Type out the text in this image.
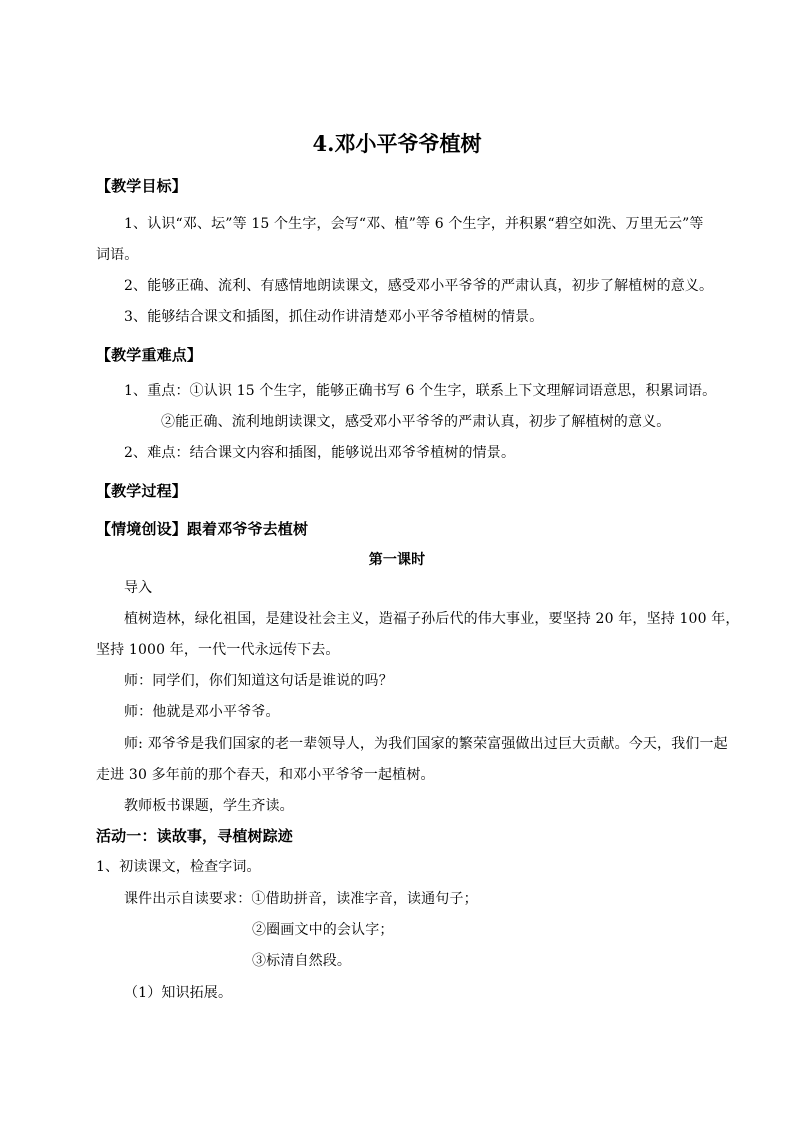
4.邓小平爷爷植树
【教学目标】
1、认识“邓、坛”等 15 个生字，会写“邓、植”等 6 个生字，并积累“碧空如洗、万里无云”等
词语。
2、能够正确、流利、有感情地朗读课文，感受邓小平爷爷的严肃认真，初步了解植树的意义。
3、能够结合课文和插图，抓住动作讲清楚邓小平爷爷植树的情景。
【教学重难点】
1、重点：①认识 15 个生字，能够正确书写 6 个生字，联系上下文理解词语意思，积累词语。
②能正确、流利地朗读课文，感受邓小平爷爷的严肃认真，初步了解植树的意义。
2、难点：结合课文内容和插图，能够说出邓爷爷植树的情景。
【教学过程】
【情境创设】跟着邓爷爷去植树
第一课时
导入
植树造林，绿化祖国，是建设社会主义，造福子孙后代的伟大事业，要坚持 20 年，坚持 100 年，
坚持 1000 年，一代一代永远传下去。
师：同学们，你们知道这句话是谁说的吗？
师：他就是邓小平爷爷。
师: 邓爷爷是我们国家的老一辈领导人，为我们国家的繁荣富强做出过巨大贡献。今天，我们一起
走进 30 多年前的那个春天，和邓小平爷爷一起植树。
教师板书课题，学生齐读。
活动一：读故事，寻植树踪迹
1、初读课文，检查字词。
课件出示自读要求：①借助拼音，读准字音，读通句子；
②圈画文中的会认字；
③标清自然段。
（1）知识拓展。
